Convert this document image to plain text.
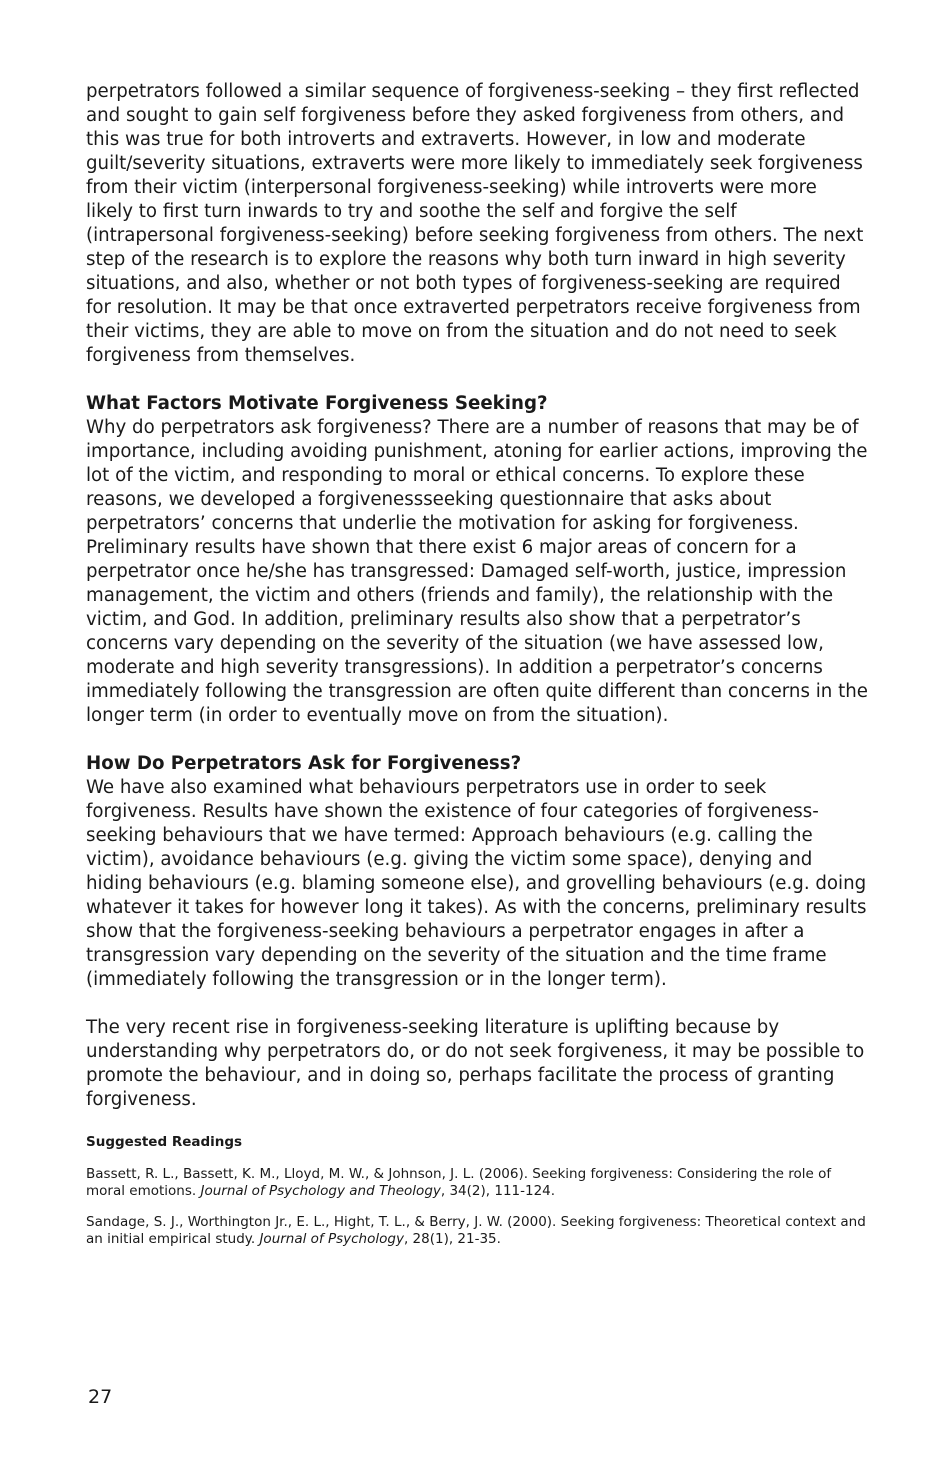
perpetrators followed a similar sequence of forgiveness-seeking – they first reflected and sought to gain self forgiveness before they asked forgiveness from others, and this was true for both introverts and extraverts. However, in low and moderate guilt/severity situations, extraverts were more likely to immediately seek forgiveness from their victim (interpersonal forgiveness-seeking) while introverts were more likely to first turn inwards to try and soothe the self and forgive the self (intrapersonal forgiveness-seeking) before seeking forgiveness from others. The next step of the research is to explore the reasons why both turn inward in high severity situations, and also, whether or not both types of forgiveness-seeking are required for resolution. It may be that once extraverted perpetrators receive forgiveness from their victims, they are able to move on from the situation and do not need to seek forgiveness from themselves.

What Factors Motivate Forgiveness Seeking?

Why do perpetrators ask forgiveness? There are a number of reasons that may be of importance, including avoiding punishment, atoning for earlier actions, improving the lot of the victim, and responding to moral or ethical concerns. To explore these reasons, we developed a forgivenessseeking questionnaire that asks about perpetrators’ concerns that underlie the motivation for asking for forgiveness. Preliminary results have shown that there exist 6 major areas of concern for a perpetrator once he/she has transgressed: Damaged self-worth, justice, impression management, the victim and others (friends and family), the relationship with the victim, and God. In addition, preliminary results also show that a perpetrator’s concerns vary depending on the severity of the situation (we have assessed low, moderate and high severity transgressions). In addition a perpetrator’s concerns immediately following the transgression are often quite different than concerns in the longer term (in order to eventually move on from the situation).

How Do Perpetrators Ask for Forgiveness?

We have also examined what behaviours perpetrators use in order to seek forgiveness. Results have shown the existence of four categories of forgiveness-seeking behaviours that we have termed: Approach behaviours (e.g. calling the victim), avoidance behaviours (e.g. giving the victim some space), denying and hiding behaviours (e.g. blaming someone else), and grovelling behaviours (e.g. doing whatever it takes for however long it takes). As with the concerns, preliminary results show that the forgiveness-seeking behaviours a perpetrator engages in after a transgression vary depending on the severity of the situation and the time frame (immediately following the transgression or in the longer term).

The very recent rise in forgiveness-seeking literature is uplifting because by understanding why perpetrators do, or do not seek forgiveness, it may be possible to promote the behaviour, and in doing so, perhaps facilitate the process of granting forgiveness.

Suggested Readings

Bassett, R. L., Bassett, K. M., Lloyd, M. W., & Johnson, J. L. (2006). Seeking forgiveness: Considering the role of moral emotions. Journal of Psychology and Theology, 34(2), 111-124.

Sandage, S. J., Worthington Jr., E. L., Hight, T. L., & Berry, J. W. (2000). Seeking forgiveness: Theoretical context and an initial empirical study. Journal of Psychology, 28(1), 21-35.

27
